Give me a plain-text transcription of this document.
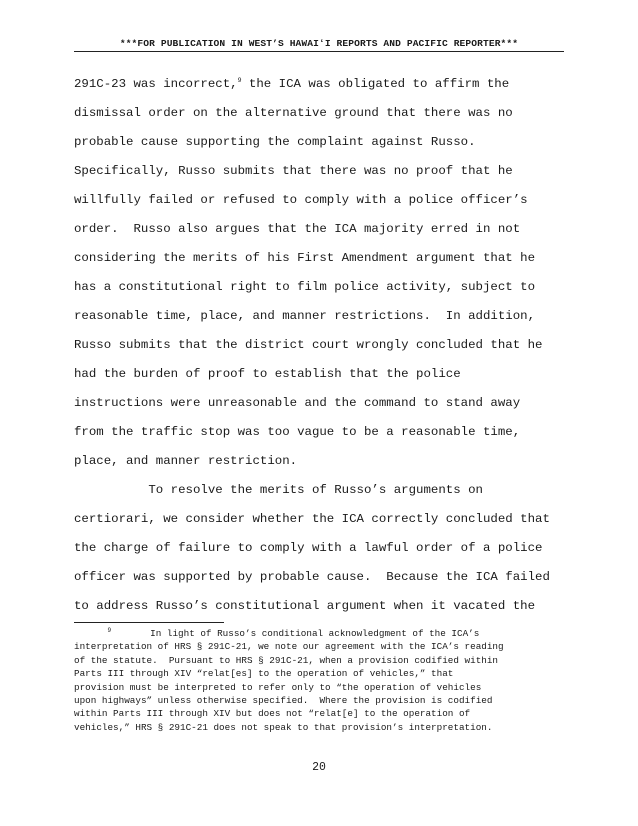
***FOR PUBLICATION IN WEST’S HAWAIʻI REPORTS AND PACIFIC REPORTER***
291C-23 was incorrect,$^9$ the ICA was obligated to affirm the
dismissal order on the alternative ground that there was no
probable cause supporting the complaint against Russo.
Specifically, Russo submits that there was no proof that he
willfully failed or refused to comply with a police officer’s
order.  Russo also argues that the ICA majority erred in not
considering the merits of his First Amendment argument that he
has a constitutional right to film police activity, subject to
reasonable time, place, and manner restrictions.  In addition,
Russo submits that the district court wrongly concluded that he
had the burden of proof to establish that the police
instructions were unreasonable and the command to stand away
from the traffic stop was too vague to be a reasonable time,
place, and manner restriction.
To resolve the merits of Russo’s arguments on
certiorari, we consider whether the ICA correctly concluded that
the charge of failure to comply with a lawful order of a police
officer was supported by probable cause.  Because the ICA failed
to address Russo’s constitutional argument when it vacated the
$^9$       In light of Russo’s conditional acknowledgment of the ICA’s
interpretation of HRS § 291C-21, we note our agreement with the ICA’s reading
of the statute.  Pursuant to HRS § 291C-21, when a provision codified within
Parts III through XIV “relat[es] to the operation of vehicles,” that
provision must be interpreted to refer only to “the operation of vehicles
upon highways” unless otherwise specified.  Where the provision is codified
within Parts III through XIV but does not “relat[e] to the operation of
vehicles,” HRS § 291C-21 does not speak to that provision’s interpretation.
20
